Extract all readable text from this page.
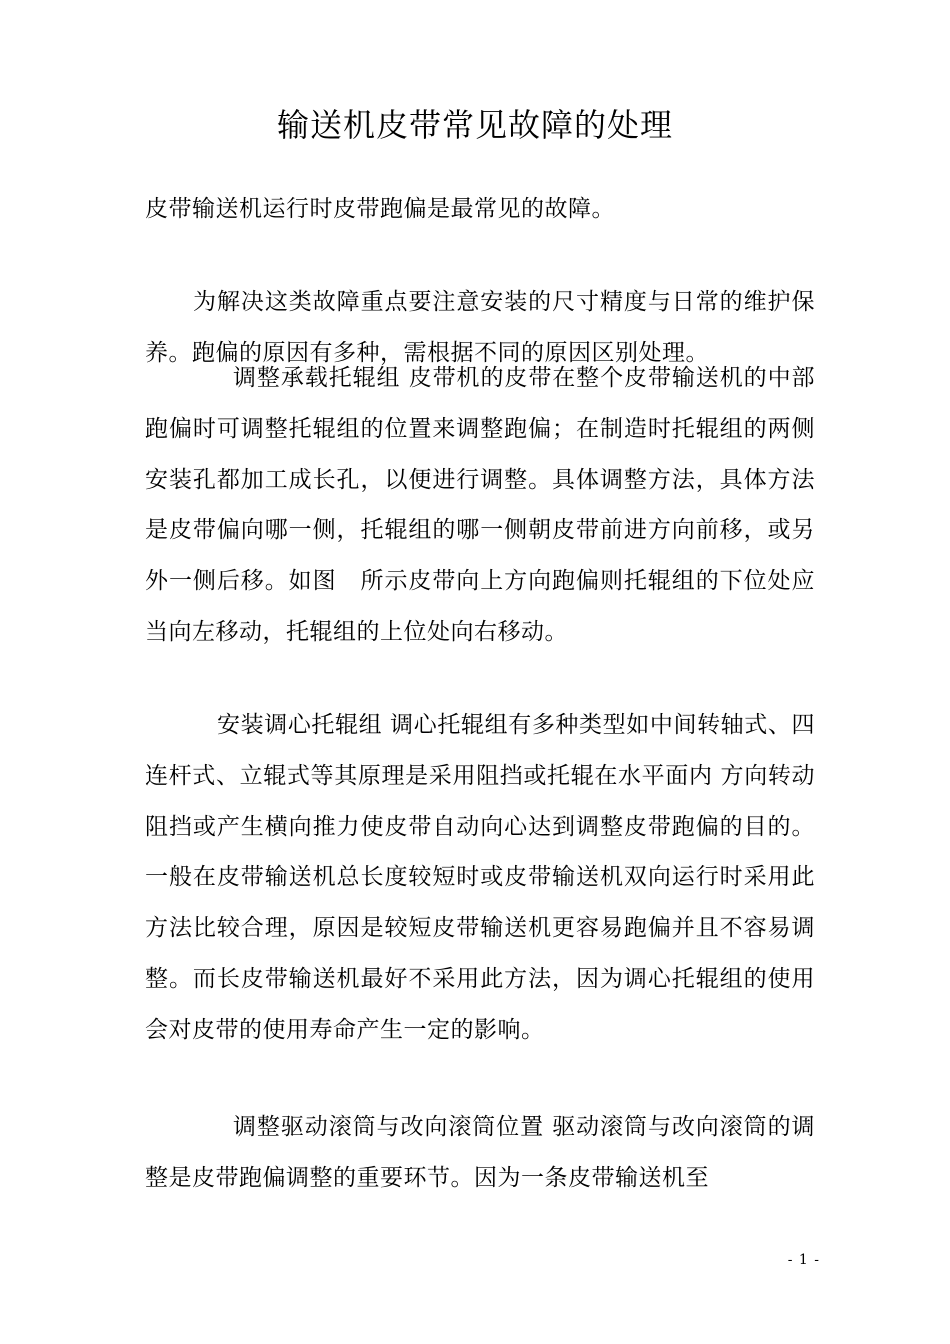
输送机皮带常见故障的处理
皮带输送机运行时皮带跑偏是最常见的故障。
为解决这类故障重点要注意安装的尺寸精度与日常的维护保养。跑偏的原因有多种，需根据不同的原因区别处理。
调整承载托辊组 皮带机的皮带在整个皮带输送机的中部跑偏时可调整托辊组的位置来调整跑偏；在制造时托辊组的两侧安装孔都加工成长孔，以便进行调整。具体调整方法，具体方法是皮带偏向哪一侧，托辊组的哪一侧朝皮带前进方向前移，或另外一侧后移。如图　所示皮带向上方向跑偏则托辊组的下位处应当向左移动，托辊组的上位处向右移动。
安装调心托辊组 调心托辊组有多种类型如中间转轴式、四连杆式、立辊式等其原理是采用阻挡或托辊在水平面内 方向转动阻挡或产生横向推力使皮带自动向心达到调整皮带跑偏的目的。一般在皮带输送机总长度较短时或皮带输送机双向运行时采用此方法比较合理，原因是较短皮带输送机更容易跑偏并且不容易调整。而长皮带输送机最好不采用此方法，因为调心托辊组的使用会对皮带的使用寿命产生一定的影响。
调整驱动滚筒与改向滚筒位置 驱动滚筒与改向滚筒的调整是皮带跑偏调整的重要环节。因为一条皮带输送机至
- 1 -
